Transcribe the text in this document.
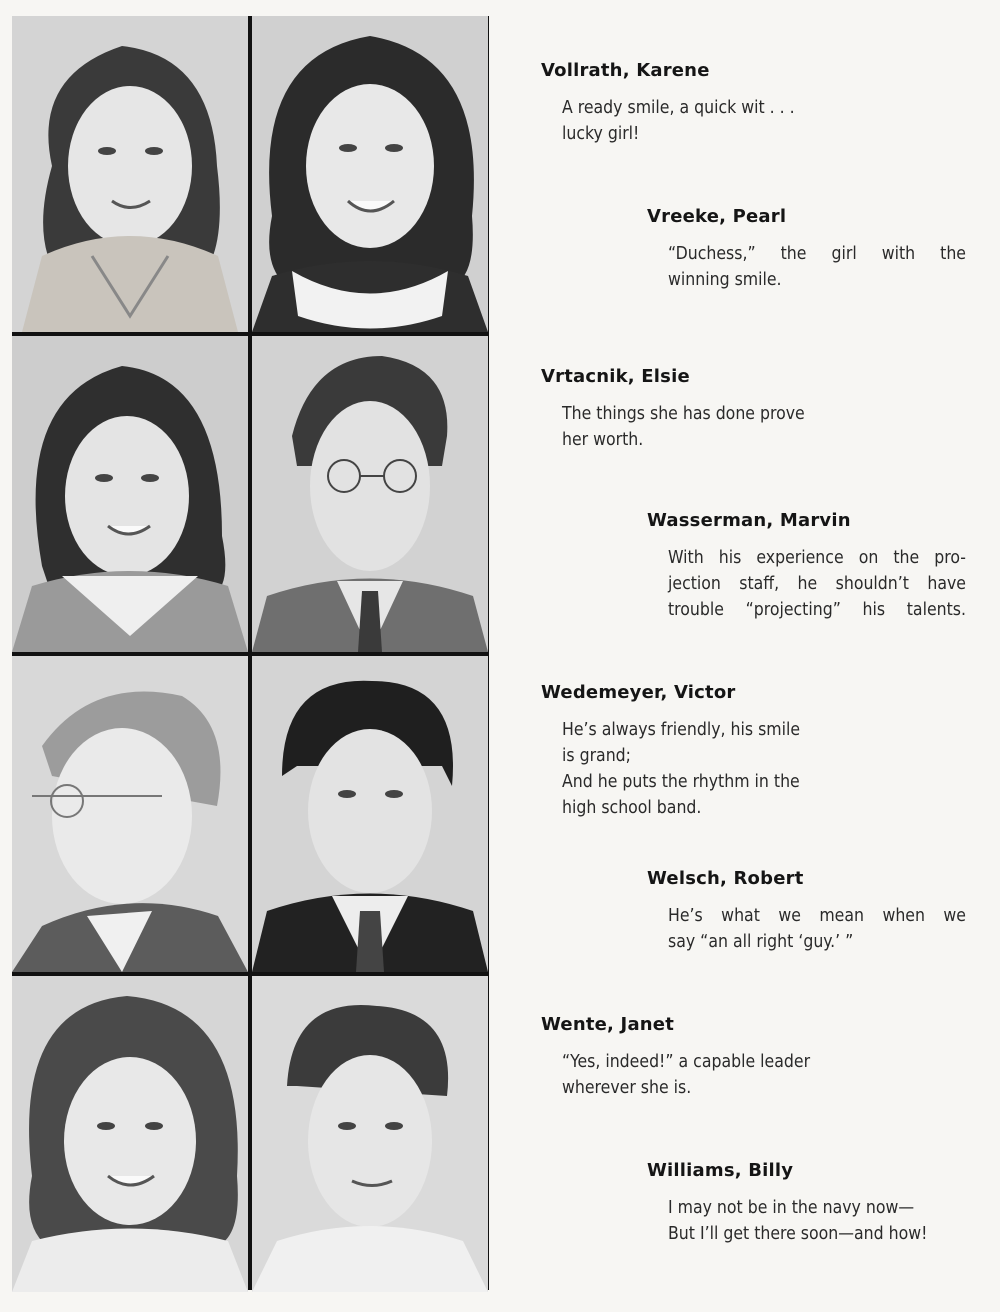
Vollrath, Karene
A ready smile, a quick wit . . .
lucky girl!
Vreeke, Pearl
“Duchess,” the girl with the
winning smile.
Vrtacnik, Elsie
The things she has done prove
her worth.
Wasserman, Marvin
With his experience on the pro-
jection staff, he shouldn’t have
trouble “projecting” his talents.
Wedemeyer, Victor
He’s always friendly, his smile
is grand;
And he puts the rhythm in the
high school band.
Welsch, Robert
He’s what we mean when we
say “an all right ‘guy.’ ”
Wente, Janet
“Yes, indeed!” a capable leader
wherever she is.
Williams, Billy
I may not be in the navy now—
But I’ll get there soon—and how!
